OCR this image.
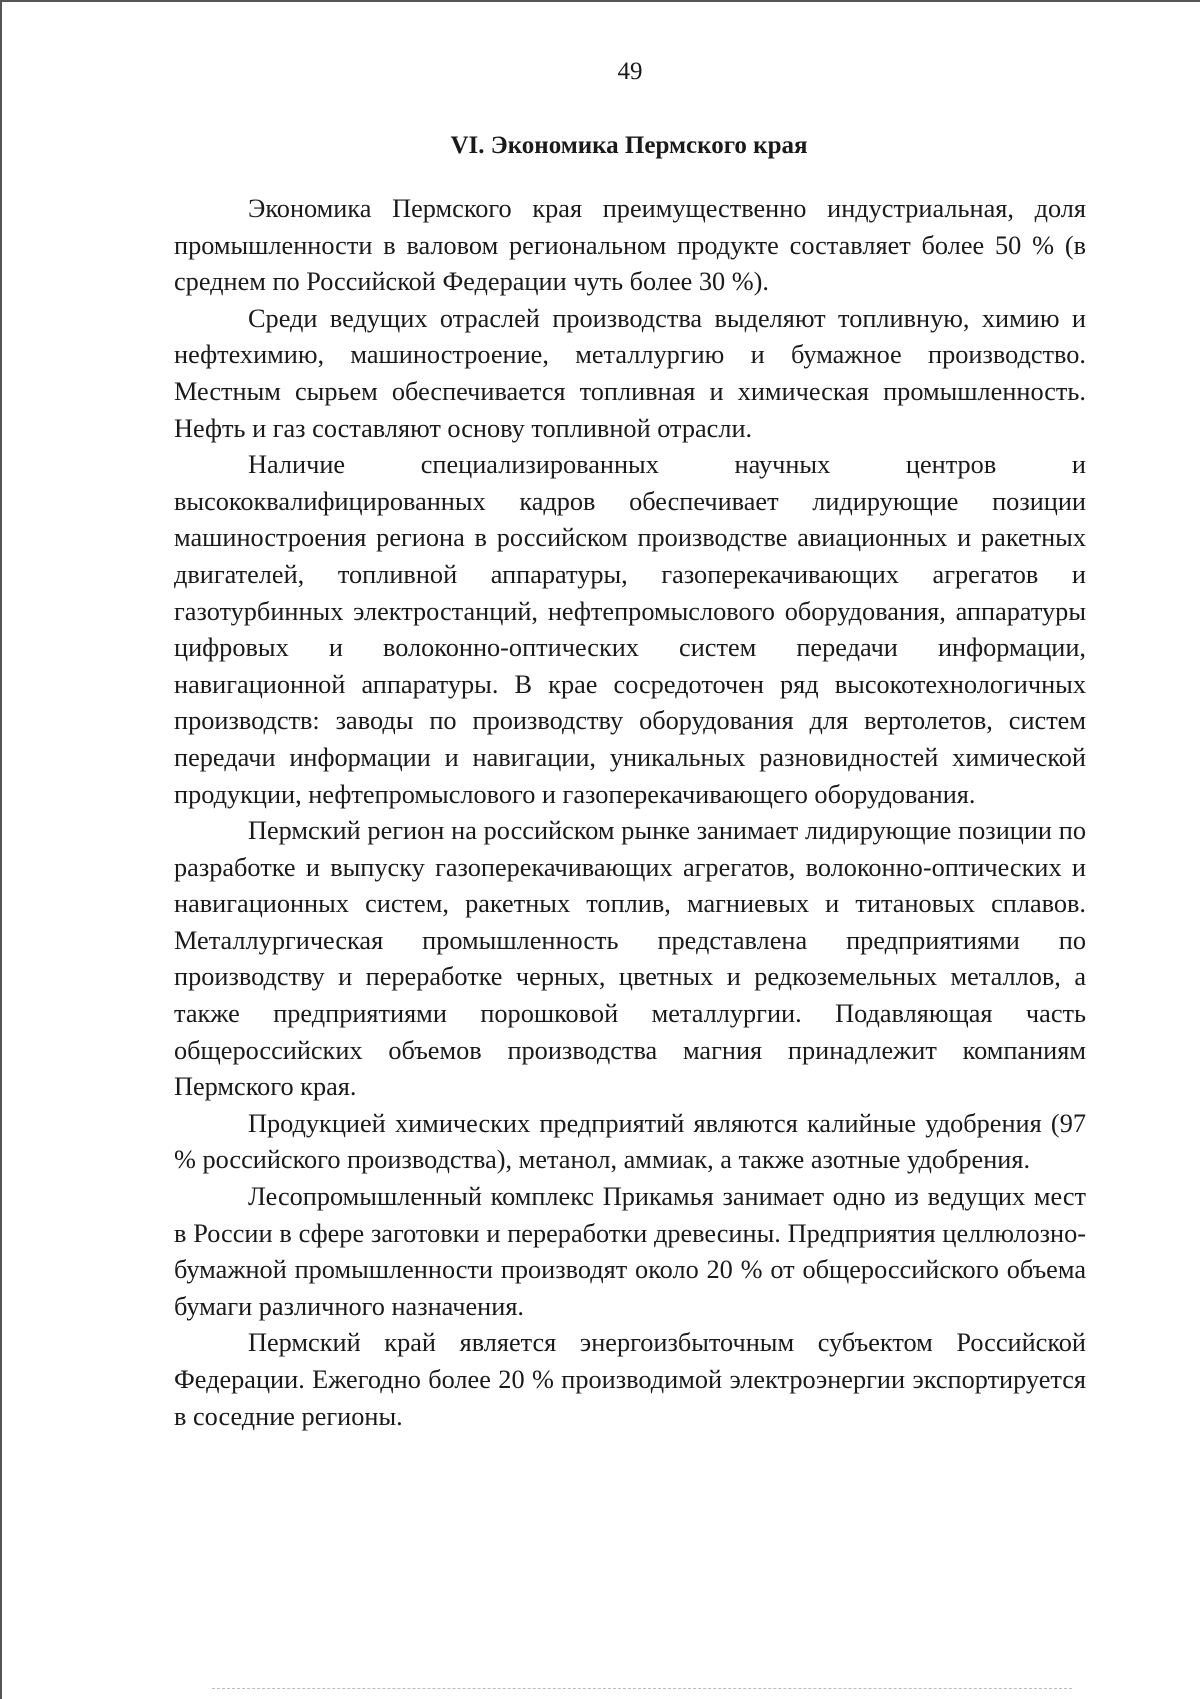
49
VI. Экономика Пермского края

Экономика Пермского края преимущественно индустриальная, доля промышленности в валовом региональном продукте составляет более 50 % (в среднем по Российской Федерации чуть более 30 %).

Среди ведущих отраслей производства выделяют топливную, химию и нефтехимию, машиностроение, металлургию и бумажное производство. Местным сырьем обеспечивается топливная и химическая промышленность. Нефть и газ составляют основу топливной отрасли.

Наличие специализированных научных центров и высококвалифицированных кадров обеспечивает лидирующие позиции машиностроения региона в российском производстве авиационных и ракетных двигателей, топливной аппаратуры, газоперекачивающих агрегатов и газотурбинных электростанций, нефтепромыслового оборудования, аппаратуры цифровых и волоконно-оптических систем передачи информации, навигационной аппаратуры. В крае сосредоточен ряд высокотехнологичных производств: заводы по производству оборудования для вертолетов, систем передачи информации и навигации, уникальных разновидностей химической продукции, нефтепромыслового и газоперекачивающего оборудования.

Пермский регион на российском рынке занимает лидирующие позиции по разработке и выпуску газоперекачивающих агрегатов, волоконно-оптических и навигационных систем, ракетных топлив, магниевых и титановых сплавов. Металлургическая промышленность представлена предприятиями по производству и переработке черных, цветных и редкоземельных металлов, а также предприятиями порошковой металлургии. Подавляющая часть общероссийских объемов производства магния принадлежит компаниям Пермского края.

Продукцией химических предприятий являются калийные удобрения (97 % российского производства), метанол, аммиак, а также азотные удобрения.

Лесопромышленный комплекс Прикамья занимает одно из ведущих мест в России в сфере заготовки и переработки древесины. Предприятия целлюлозно-бумажной промышленности производят около 20 % от общероссийского объема бумаги различного назначения.

Пермский край является энергоизбыточным субъектом Российской Федерации. Ежегодно более 20 % производимой электроэнергии экспортируется в соседние регионы.
